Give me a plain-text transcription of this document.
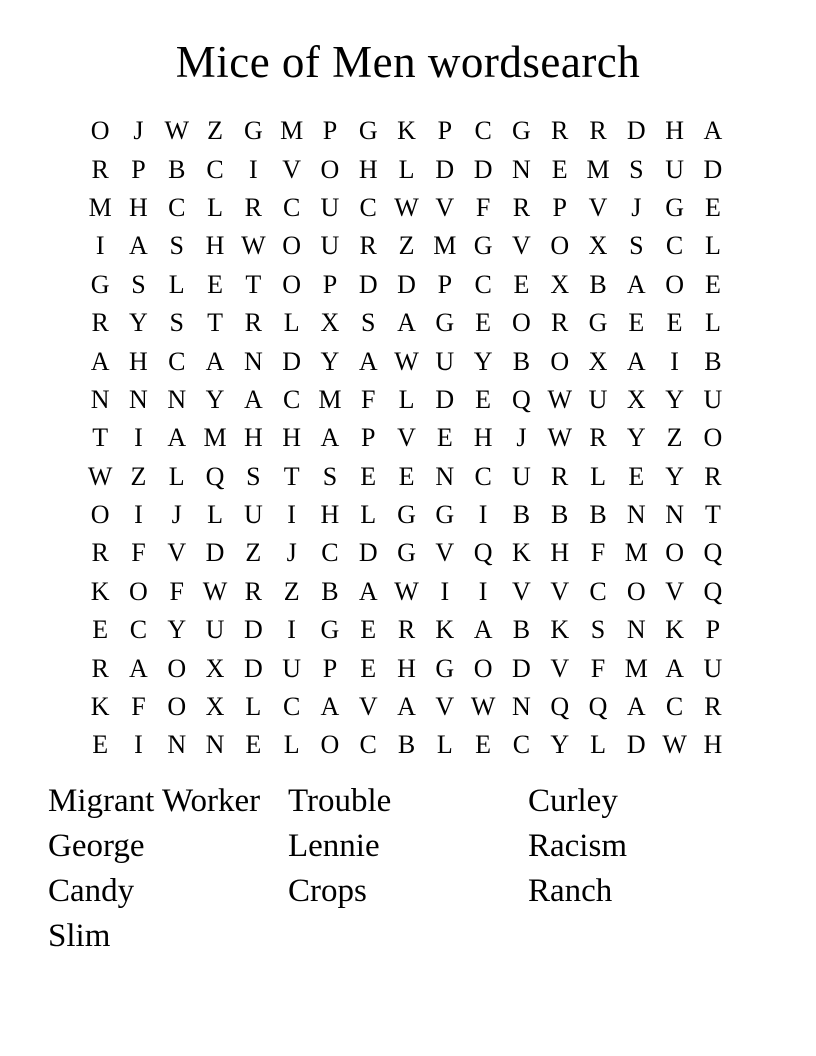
Mice of Men wordsearch
O J W Z G M P G K P C G R R D H A
R P B C I V O H L D D N E M S U D
M H C L R C U C W V F R P V J G E
I A S H W O U R Z M G V O X S C L
G S L E T O P D D P C E X B A O E
R Y S T R L X S A G E O R G E E L
A H C A N D Y A W U Y B O X A I B
N N N Y A C M F L D E Q W U X Y U
T	I A M H H A P V E H J W R Y Z O
W Z L Q S T S E E N C U R L E Y R
O I	J L U I H L G G I B B B N N T
R F V D Z J C D G V Q K H F M O Q
K O F W R Z B A W I	I V V C O V Q
E C Y U D I G E R K A B K S N K P
R A O X D U P E H G O D V F M A U
K F O X L C A V A V W N Q Q A C R
E	I N N E L O C B L E C Y L D W H
Migrant Worker
George
Candy
Slim
Trouble
Lennie
Crops
Curley
Racism
Ranch
